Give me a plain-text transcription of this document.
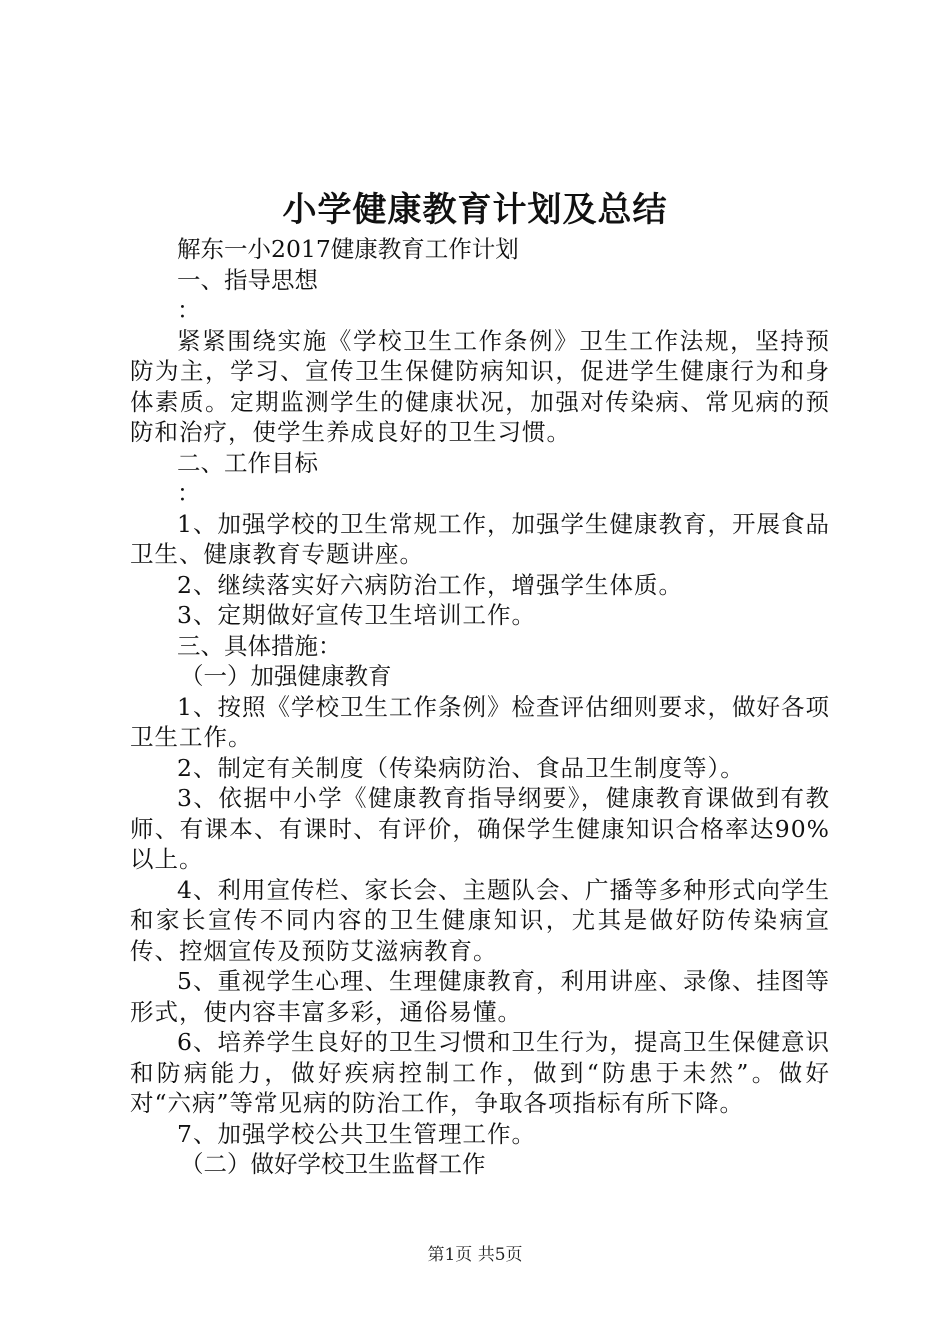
小学健康教育计划及总结

解东一小2017健康教育工作计划

一、指导思想

：

紧紧围绕实施《学校卫生工作条例》卫生工作法规，坚持预防为主，学习、宣传卫生保健防病知识，促进学生健康行为和身体素质。定期监测学生的健康状况，加强对传染病、常见病的预防和治疗，使学生养成良好的卫生习惯。

二、工作目标

：

1、加强学校的卫生常规工作，加强学生健康教育，开展食品卫生、健康教育专题讲座。

2、继续落实好六病防治工作，增强学生体质。

3、定期做好宣传卫生培训工作。

三、具体措施：

（一）加强健康教育

1、按照《学校卫生工作条例》检查评估细则要求，做好各项卫生工作。

2、制定有关制度（传染病防治、食品卫生制度等）。

3、依据中小学《健康教育指导纲要》，健康教育课做到有教师、有课本、有课时、有评价，确保学生健康知识合格率达90%以上。

4、利用宣传栏、家长会、主题队会、广播等多种形式向学生和家长宣传不同内容的卫生健康知识，尤其是做好防传染病宣传、控烟宣传及预防艾滋病教育。

5、重视学生心理、生理健康教育，利用讲座、录像、挂图等形式，使内容丰富多彩，通俗易懂。

6、培养学生良好的卫生习惯和卫生行为，提高卫生保健意识和防病能力，做好疾病控制工作，做到“防患于未然”。做好对“六病”等常见病的防治工作，争取各项指标有所下降。

7、加强学校公共卫生管理工作。

（二）做好学校卫生监督工作

第1页 共5页
